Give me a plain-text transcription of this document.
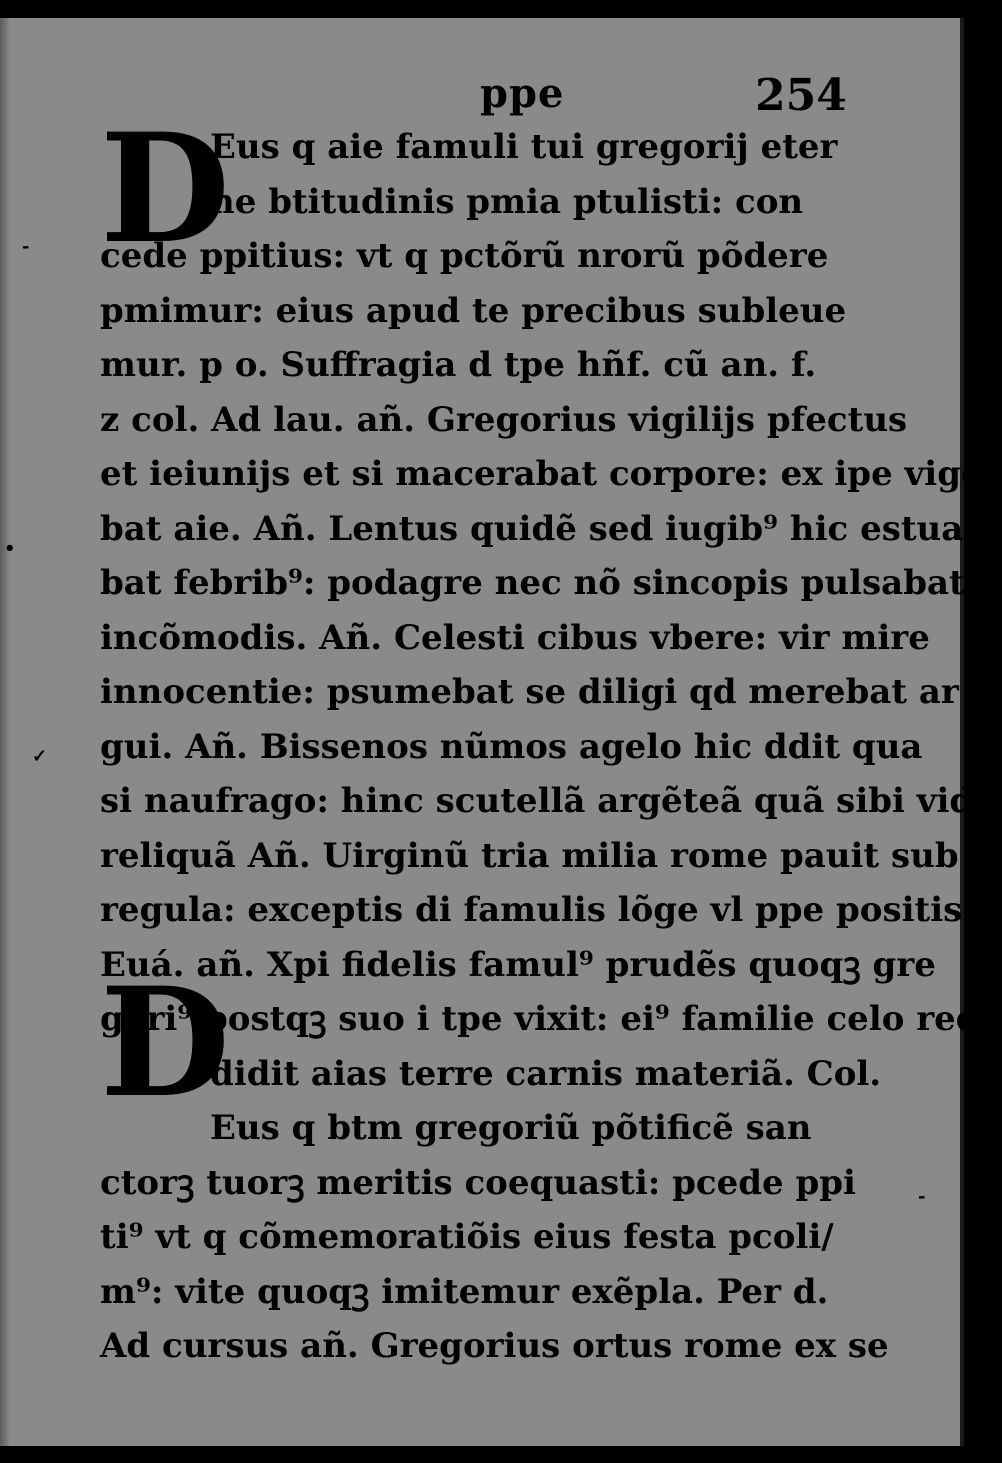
ppe	254
D
D
Eus q aie famuli tui gregorij eter
ne btitudinis pmia ptulisti: con
cede ppitius: vt q pctõrũ nrorũ põdere
pmimur: eius apud te precibus subleue
mur. p o. Suffragia d tpe hñf. cũ an. f.
z col. Ad lau. añ. Gregorius vigilijs pfectus
et ieiunijs et si macerabat corpore: ex ipe vige
bat aie. Añ. Lentus quidẽ sed iugib⁹ hic estua
bat febrib⁹: podagre nec nõ sincopis pulsabat
incõmodis. Añ. Celesti cibus vbere: vir mire
innocentie: psumebat se diligi qd merebat ar
gui. Añ. Bissenos nũmos agelo hic ddit qua
si naufrago: hinc scutellã argẽteã quã sibi vidit
reliquã Añ. Uirginũ tria milia rome pauit sub
regula: exceptis di famulis lõge vl ppe positis
Euá. añ. Xpi fidelis famul⁹ prudẽs quoqꝫ gre
gori⁹ postqꝫ suo i tpe vixit: ei⁹ familie celo red
didit aias terre carnis materiã. Col.
Eus q btm gregoriũ põtificẽ san
ctorꝫ tuorꝫ meritis coequasti: pcede ppi
ti⁹ vt q cõmemoratiõis eius festa pcoli/
m⁹: vite quoqꝫ imitemur exẽpla. Per d.
Ad cursus añ. Gregorius ortus rome ex se
-
•
✓
-
